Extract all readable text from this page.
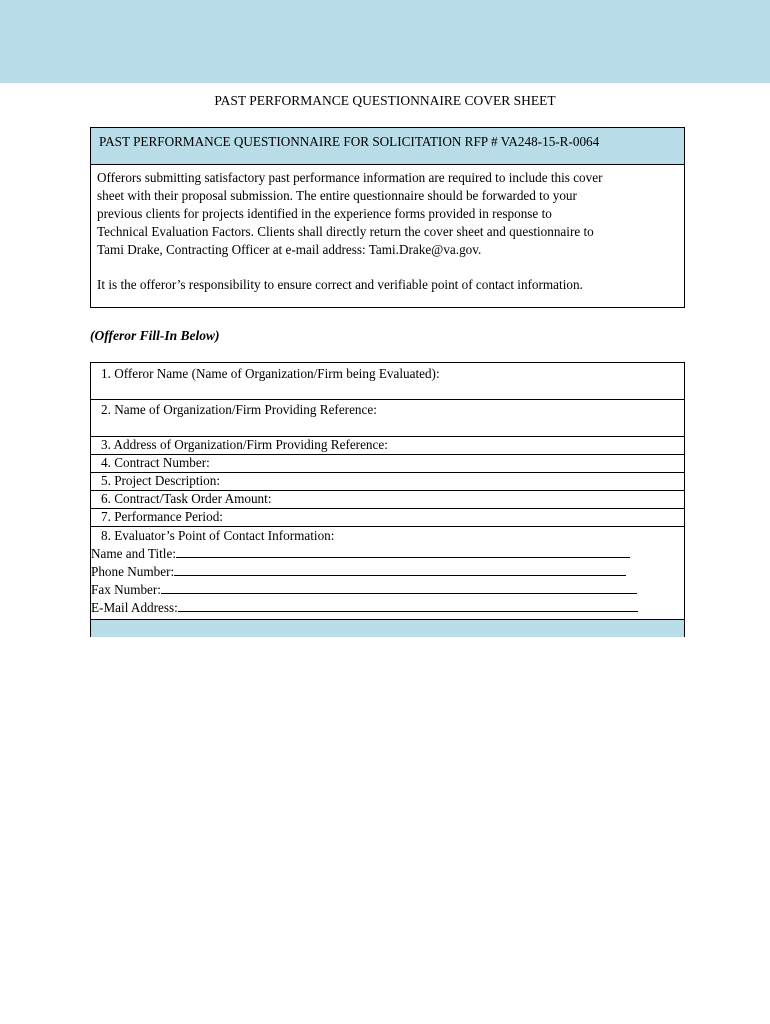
PAST PERFORMANCE QUESTIONNAIRE COVER SHEET
PAST PERFORMANCE QUESTIONNAIRE FOR SOLICITATION RFP # VA248-15-R-0064

Offerors submitting satisfactory past performance information are required to include this cover

sheet with their proposal submission. The entire questionnaire should be forwarded to your

previous clients for projects identified in the experience forms provided in response to

Technical Evaluation Factors. Clients shall directly return the cover sheet and questionnaire to

Tami Drake, Contracting Officer at e-mail address: Tami.Drake@va.gov.

It is the offeror’s responsibility to ensure correct and verifiable point of contact information.

(Offeror Fill-In Below)
1. Offeror Name (Name of Organization/Firm being Evaluated):
2. Name of Organization/Firm Providing Reference:
3. Address of Organization/Firm Providing Reference:
4. Contract Number:
5. Project Description:
6. Contract/Task Order Amount:
7. Performance Period:
8. Evaluator’s Point of Contact Information:
Name and Title:
Phone Number:
Fax Number:
E-Mail Address:
